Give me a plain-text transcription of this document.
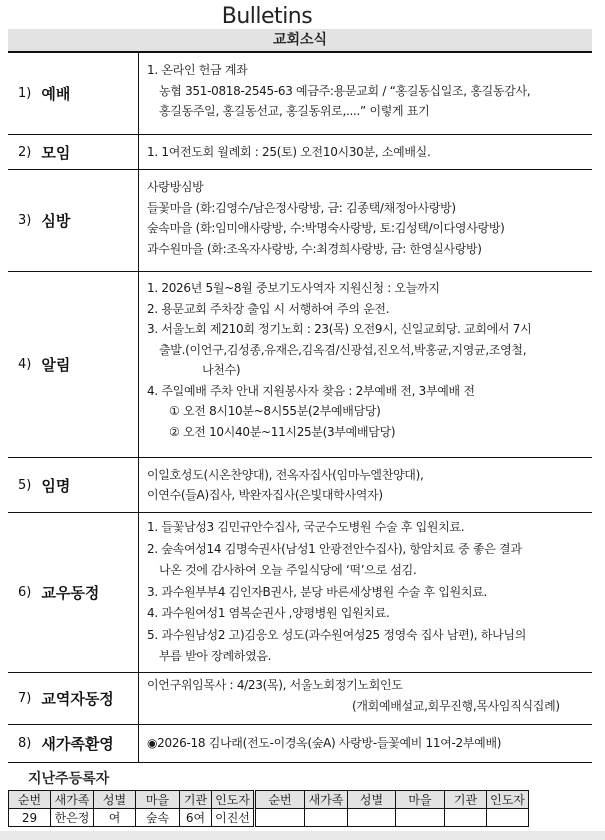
Bulletins
교회소식
1) 예배
1. 온라인 헌금 계좌
농협 351-0818-2545-63 예금주:용문교회 / “홍길동십일조, 홍길동감사,
홍길동주일, 홍길동선교, 홍길동위로,....” 이렇게 표기
2) 모임	1. 1여전도회 월례회 : 25(토) 오전10시30분, 소예배실.
3) 심방
사랑방심방
들꽃마을 (화:김영수/남은정사랑방, 금: 김종택/채정아사랑방)
숲속마을 (화:임미애사랑방, 수:박명숙사랑방, 토:김성택/이다영사랑방)
과수원마을 (화:조옥자사랑방, 수:최경희사랑방, 금: 한영실사랑방)
4) 알림
1. 2026년 5월~8월 중보기도사역자 지원신청 : 오늘까지
2. 용문교회 주차장 출입 시 서행하여 주의 운전.
3. 서울노회 제210회 정기노회 : 23(목) 오전9시, 신일교회당. 교회에서 7시
출발.(이언구,김성종,유재은,김옥겸/신광섭,진오석,박홍균,지영균,조영철,
나천수)
4. 주일예배 주차 안내 지원봉사자 찾음 : 2부예배 전, 3부예배 전
① 오전 8시10분~8시55분(2부예배담당)
② 오전 10시40분~11시25분(3부예배담당)
5) 임명
이일호성도(시온찬양대), 전옥자집사(임마누엘찬양대),
이연수(들A)집사, 박완자집사(은빛대학사역자)
6) 교우동정
1. 들꽃남성3 김민규안수집사, 국군수도병원 수술 후 입원치료.
2. 숲속여성14 김명숙권사(남성1 안광전안수집사), 항암치료 중 좋은 결과
나온 것에 감사하여 오늘 주일식당에 ‘떡’으로 섬김.
3. 과수원부부4 김인자B권사, 분당 바른세상병원 수술 후 입원치료.
4. 과수원여성1 염복순권사 ,양평병원 입원치료.
5. 과수원남성2 고)김응오 성도(과수원여성25 정영숙 집사 남편), 하나님의
부름 받아 장례하였음.
7) 교역자동정
이언구위임목사 : 4/23(목), 서울노회정기노회인도
(개회예배설교,회무진행,목사임직식집례)
8) 새가족환영	◉2026-18 김나래(전도-이경옥(숲A) 사랑방-들꽃예비 11여-2부예배)
지난주등록자
순번	새가족	성별	마을	기관	인도자	순번	새가족	성별	마을	기관	인도자
29	한은정	여	숲속	6여	이진선						
